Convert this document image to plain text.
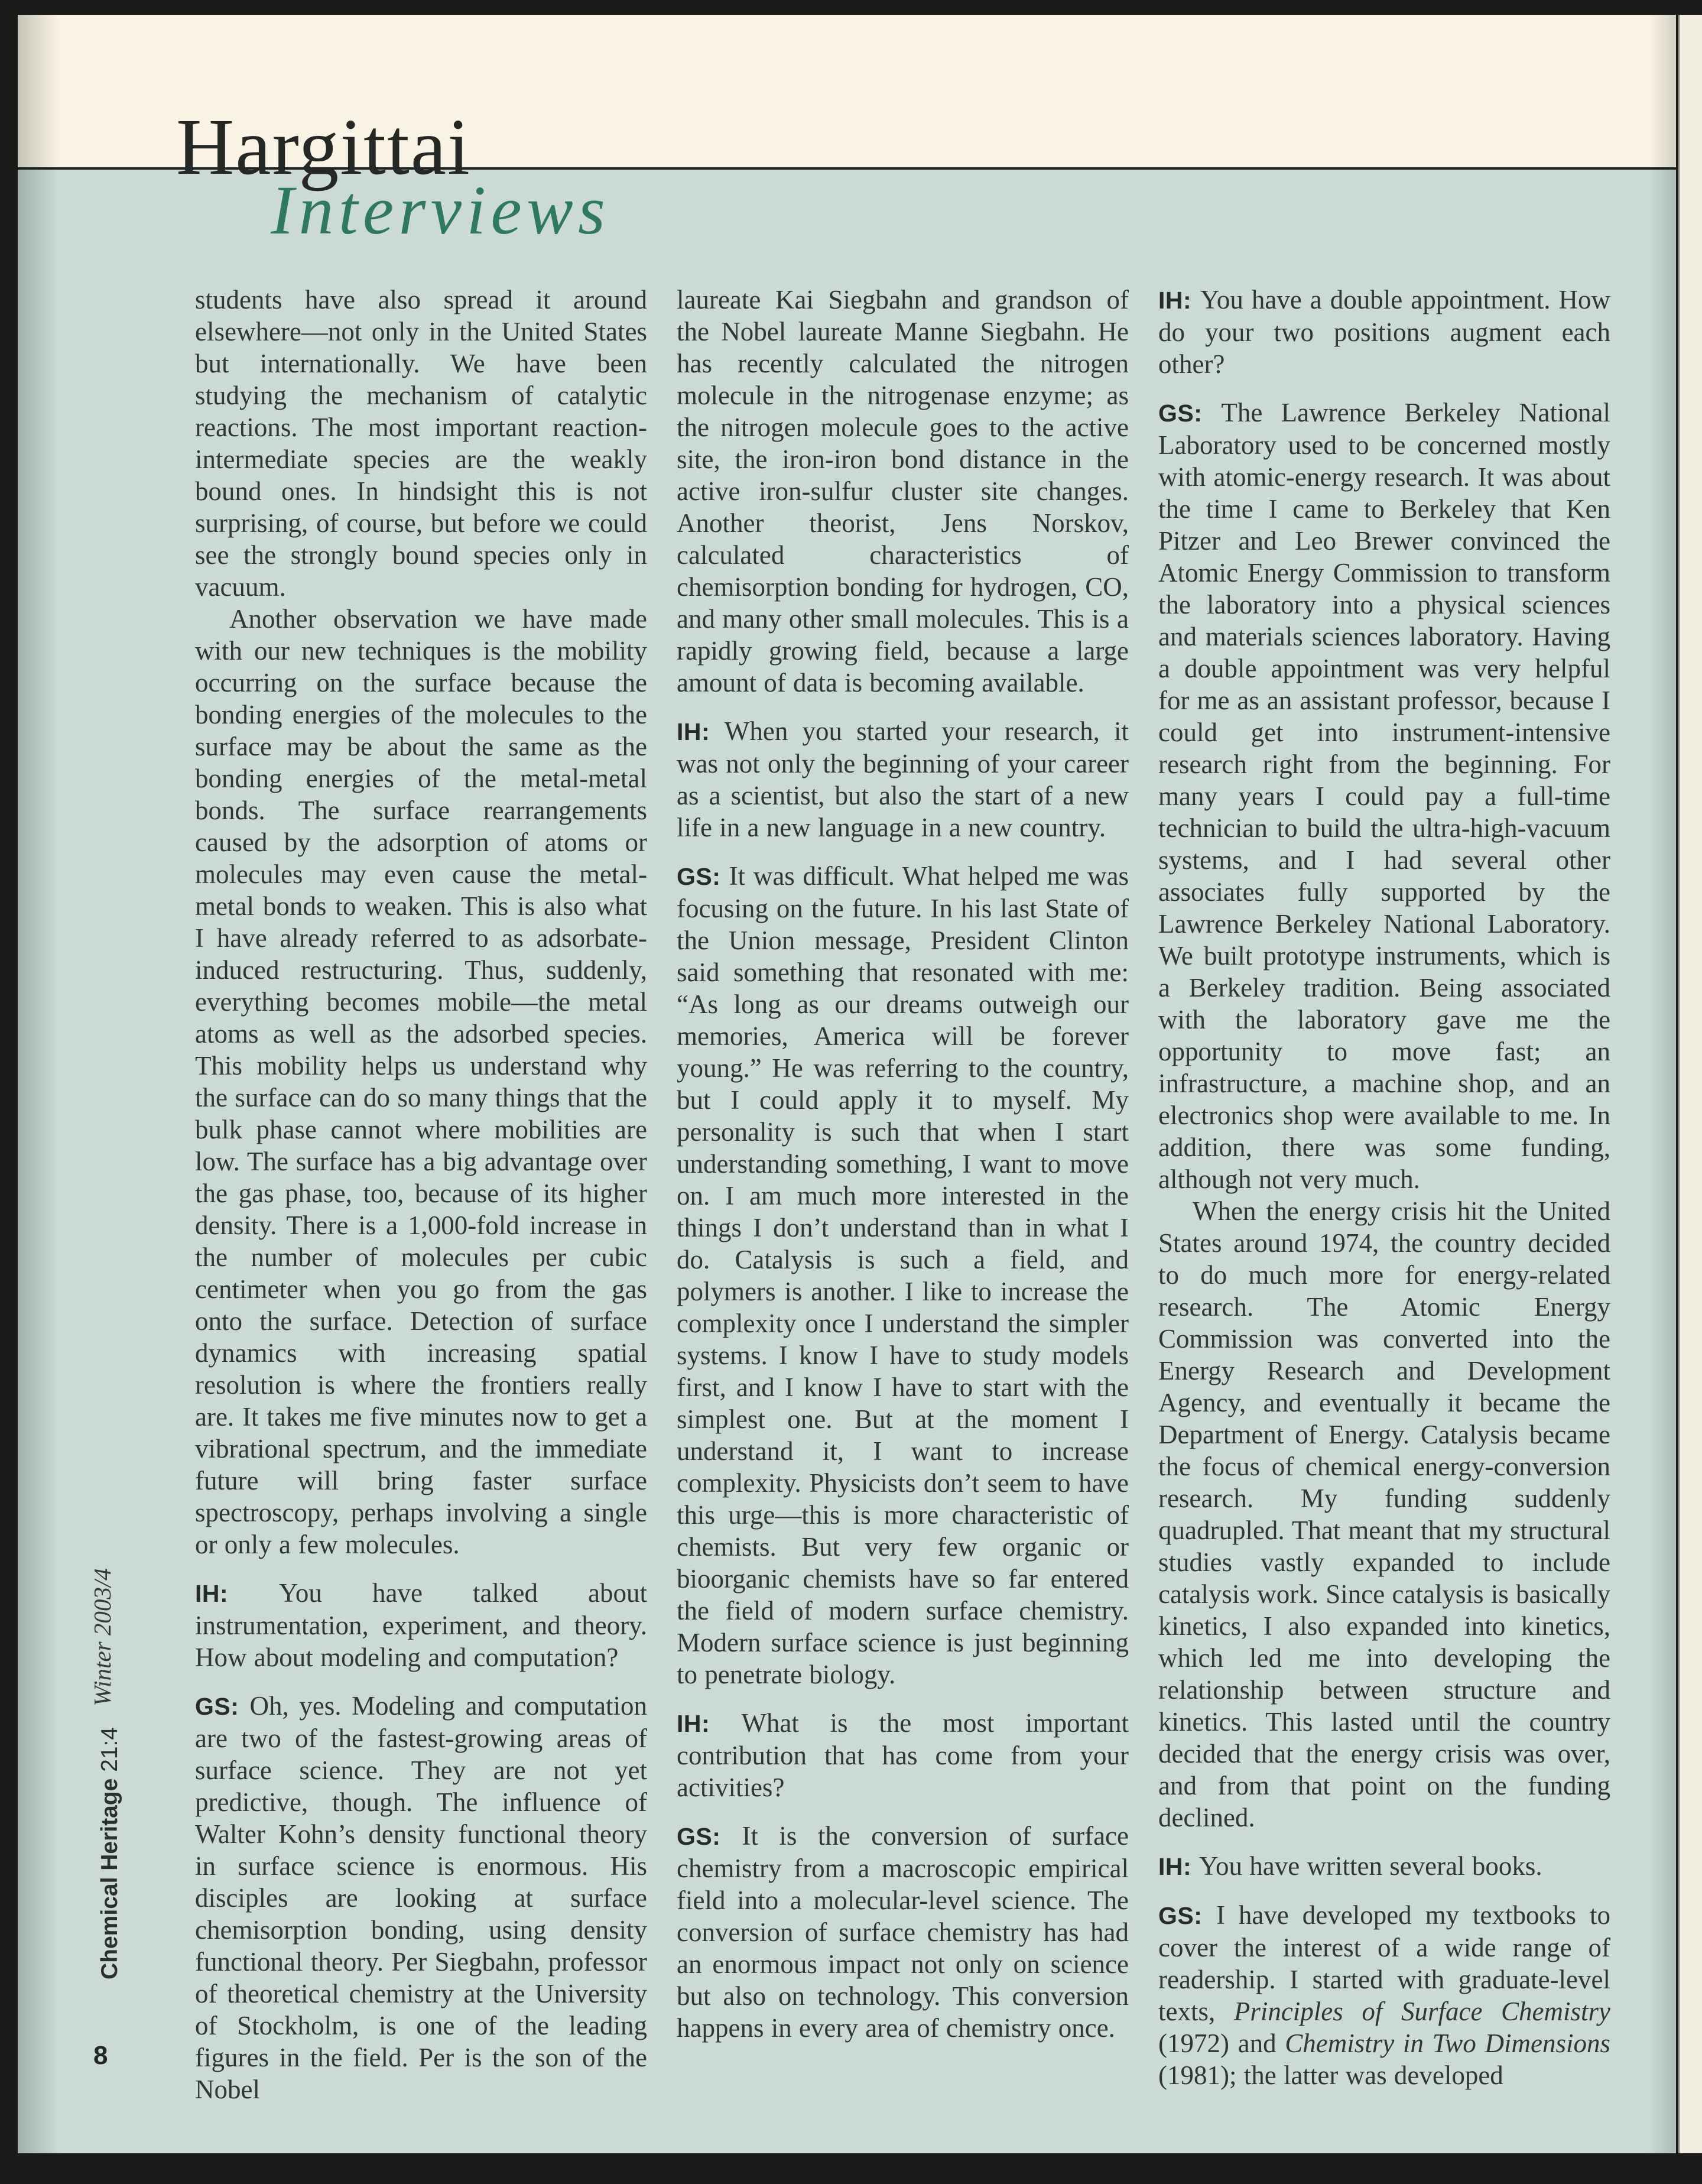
Hargittai
Interviews

students have also spread it around elsewhere—not only in the United States but internationally. We have been studying the mechanism of catalytic reactions. The most important reaction-intermediate species are the weakly bound ones. In hindsight this is not surprising, of course, but before we could see the strongly bound species only in vacuum.

Another observation we have made with our new techniques is the mobility occurring on the surface because the bonding energies of the molecules to the surface may be about the same as the bonding energies of the metal-metal bonds. The surface rearrangements caused by the adsorption of atoms or molecules may even cause the metal-metal bonds to weaken. This is also what I have already referred to as adsorbate-induced restructuring. Thus, suddenly, everything becomes mobile—the metal atoms as well as the adsorbed species. This mobility helps us understand why the surface can do so many things that the bulk phase cannot where mobilities are low. The surface has a big advantage over the gas phase, too, because of its higher density. There is a 1,000-fold increase in the number of molecules per cubic centimeter when you go from the gas onto the surface. Detection of surface dynamics with increasing spatial resolution is where the frontiers really are. It takes me five minutes now to get a vibrational spectrum, and the immediate future will bring faster surface spectroscopy, perhaps involving a single or only a few molecules.

IH: You have talked about instrumentation, experiment, and theory. How about modeling and computation?

GS: Oh, yes. Modeling and computation are two of the fastest-growing areas of surface science. They are not yet predictive, though. The influence of Walter Kohn’s density functional theory in surface science is enormous. His disciples are looking at surface chemisorption bonding, using density functional theory. Per Siegbahn, professor of theoretical chemistry at the University of Stockholm, is one of the leading figures in the field. Per is the son of the Nobel

laureate Kai Siegbahn and grandson of the Nobel laureate Manne Siegbahn. He has recently calculated the nitrogen molecule in the nitrogenase enzyme; as the nitrogen molecule goes to the active site, the iron-iron bond distance in the active iron-sulfur cluster site changes. Another theorist, Jens Norskov, calculated characteristics of chemisorption bonding for hydrogen, CO, and many other small molecules. This is a rapidly growing field, because a large amount of data is becoming available.

IH: When you started your research, it was not only the beginning of your career as a scientist, but also the start of a new life in a new language in a new country.

GS: It was difficult. What helped me was focusing on the future. In his last State of the Union message, President Clinton said something that resonated with me: “As long as our dreams outweigh our memories, America will be forever young.” He was referring to the country, but I could apply it to myself. My personality is such that when I start understanding something, I want to move on. I am much more interested in the things I don’t understand than in what I do. Catalysis is such a field, and polymers is another. I like to increase the complexity once I understand the simpler systems. I know I have to study models first, and I know I have to start with the simplest one. But at the moment I understand it, I want to increase complexity. Physicists don’t seem to have this urge—this is more characteristic of chemists. But very few organic or bioorganic chemists have so far entered the field of modern surface chemistry. Modern surface science is just beginning to penetrate biology.

IH: What is the most important contribution that has come from your activities?

GS: It is the conversion of surface chemistry from a macroscopic empirical field into a molecular-level science. The conversion of surface chemistry has had an enormous impact not only on science but also on technology. This conversion happens in every area of chemistry once.

IH: You have a double appointment. How do your two positions augment each other?

GS: The Lawrence Berkeley National Laboratory used to be concerned mostly with atomic-energy research. It was about the time I came to Berkeley that Ken Pitzer and Leo Brewer convinced the Atomic Energy Commission to transform the laboratory into a physical sciences and materials sciences laboratory. Having a double appointment was very helpful for me as an assistant professor, because I could get into instrument-intensive research right from the beginning. For many years I could pay a full-time technician to build the ultra-high-vacuum systems, and I had several other associates fully supported by the Lawrence Berkeley National Laboratory. We built prototype instruments, which is a Berkeley tradition. Being associated with the laboratory gave me the opportunity to move fast; an infrastructure, a machine shop, and an electronics shop were available to me. In addition, there was some funding, although not very much.

When the energy crisis hit the United States around 1974, the country decided to do much more for energy-related research. The Atomic Energy Commission was converted into the Energy Research and Development Agency, and eventually it became the Department of Energy. Catalysis became the focus of chemical energy-conversion research. My funding suddenly quadrupled. That meant that my structural studies vastly expanded to include catalysis work. Since catalysis is basically kinetics, I also expanded into kinetics, which led me into developing the relationship between structure and kinetics. This lasted until the country decided that the energy crisis was over, and from that point on the funding declined.

IH: You have written several books.

GS: I have developed my textbooks to cover the interest of a wide range of readership. I started with graduate-level texts, Principles of Surface Chemistry (1972) and Chemistry in Two Dimensions (1981); the latter was developed

Winter 2003/4
Chemical Heritage 21:4
8
